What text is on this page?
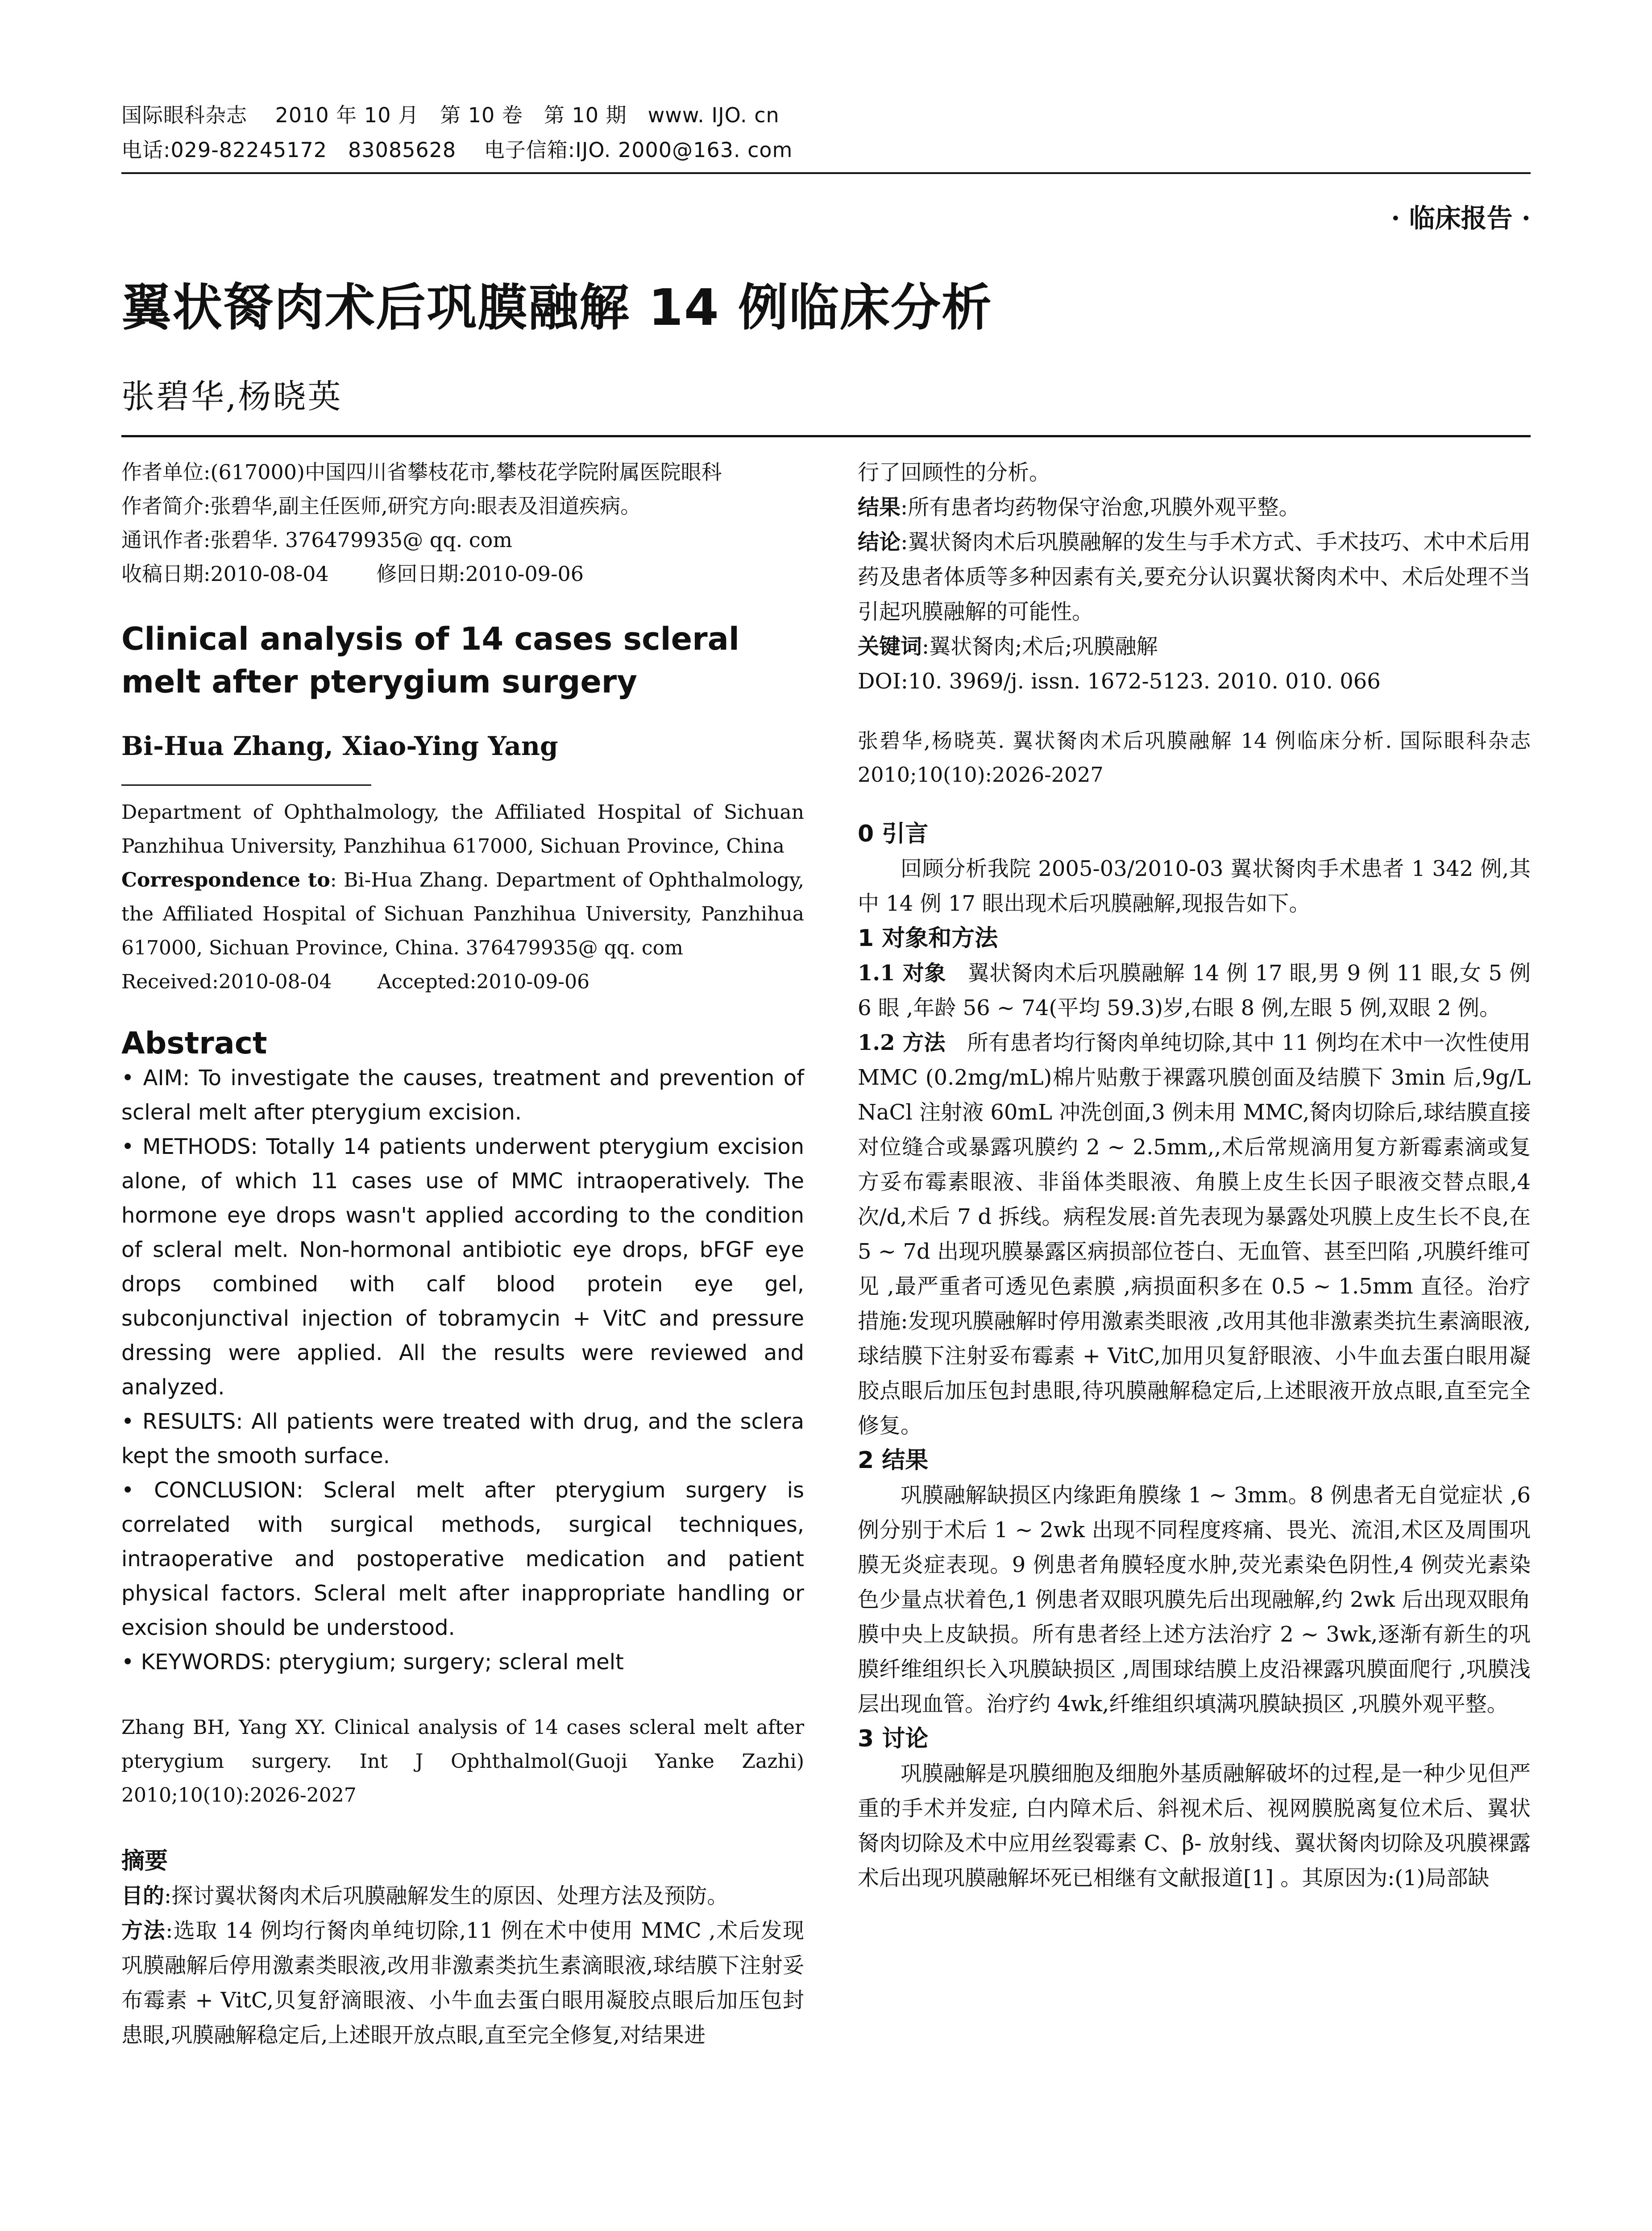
国际眼科杂志　 2010 年 10 月　第 10 卷　第 10 期　www. IJO. cn
电话:029-82245172　83085628　 电子信箱:IJO. 2000@163. com
· 临床报告 ·
翼状胬肉术后巩膜融解 14 例临床分析
张碧华,杨晓英

作者单位:(617000)中国四川省攀枝花市,攀枝花学院附属医院眼科

作者简介:张碧华,副主任医师,研究方向:眼表及泪道疾病。

通讯作者:张碧华. 376479935@ qq. com

收稿日期:2010-08-04　　 修回日期:2010-09-06

Clinical analysis of 14 cases scleral melt after pterygium surgery

Bi-Hua Zhang, Xiao-Ying Yang

Department of Ophthalmology, the Affiliated Hospital of Sichuan Panzhihua University, Panzhihua 617000, Sichuan Province, China

Correspondence to: Bi-Hua Zhang. Department of Ophthalmology, the Affiliated Hospital of Sichuan Panzhihua University, Panzhihua 617000, Sichuan Province, China. 376479935@ qq. com

Received:2010-08-04　　 Accepted:2010-09-06

Abstract

• AIM: To investigate the causes, treatment and prevention of scleral melt after pterygium excision.

• METHODS: Totally 14 patients underwent pterygium excision alone, of which 11 cases use of MMC intraoperatively. The hormone eye drops wasn't applied according to the condition of scleral melt. Non-hormonal antibiotic eye drops, bFGF eye drops combined with calf blood protein eye gel, subconjunctival injection of tobramycin + VitC and pressure dressing were applied. All the results were reviewed and analyzed.

• RESULTS: All patients were treated with drug, and the sclera kept the smooth surface.

• CONCLUSION: Scleral melt after pterygium surgery is correlated with surgical methods, surgical techniques, intraoperative and postoperative medication and patient physical factors. Scleral melt after inappropriate handling or excision should be understood.

• KEYWORDS: pterygium; surgery; scleral melt

Zhang BH, Yang XY. Clinical analysis of 14 cases scleral melt after pterygium surgery. Int J Ophthalmol(Guoji Yanke Zazhi) 2010;10(10):2026-2027

摘要

目的:探讨翼状胬肉术后巩膜融解发生的原因、处理方法及预防。

方法:选取 14 例均行胬肉单纯切除,11 例在术中使用 MMC ,术后发现巩膜融解后停用激素类眼液,改用非激素类抗生素滴眼液,球结膜下注射妥布霉素 + VitC,贝复舒滴眼液、小牛血去蛋白眼用凝胶点眼后加压包封患眼,巩膜融解稳定后,上述眼开放点眼,直至完全修复,对结果进

行了回顾性的分析。

结果:所有患者均药物保守治愈,巩膜外观平整。

结论:翼状胬肉术后巩膜融解的发生与手术方式、手术技巧、术中术后用药及患者体质等多种因素有关,要充分认识翼状胬肉术中、术后处理不当引起巩膜融解的可能性。

关键词:翼状胬肉;术后;巩膜融解

DOI:10. 3969/j. issn. 1672-5123. 2010. 010. 066

张碧华,杨晓英. 翼状胬肉术后巩膜融解 14 例临床分析. 国际眼科杂志 2010;10(10):2026-2027

0 引言

回顾分析我院 2005-03/2010-03 翼状胬肉手术患者 1 342 例,其中 14 例 17 眼出现术后巩膜融解,现报告如下。

1 对象和方法

1.1 对象　翼状胬肉术后巩膜融解 14 例 17 眼,男 9 例 11 眼,女 5 例 6 眼 ,年龄 56 ~ 74(平均 59.3)岁,右眼 8 例,左眼 5 例,双眼 2 例。

1.2 方法　所有患者均行胬肉单纯切除,其中 11 例均在术中一次性使用 MMC (0.2mg/mL)棉片贴敷于裸露巩膜创面及结膜下 3min 后,9g/L NaCl 注射液 60mL 冲洗创面,3 例未用 MMC,胬肉切除后,球结膜直接对位缝合或暴露巩膜约 2 ~ 2.5mm,,术后常规滴用复方新霉素滴或复方妥布霉素眼液、非甾体类眼液、角膜上皮生长因子眼液交替点眼,4 次/d,术后 7 d 拆线。病程发展:首先表现为暴露处巩膜上皮生长不良,在 5 ~ 7d 出现巩膜暴露区病损部位苍白、无血管、甚至凹陷 ,巩膜纤维可见 ,最严重者可透见色素膜 ,病损面积多在 0.5 ~ 1.5mm 直径。治疗措施:发现巩膜融解时停用激素类眼液 ,改用其他非激素类抗生素滴眼液,球结膜下注射妥布霉素 + VitC,加用贝复舒眼液、小牛血去蛋白眼用凝胶点眼后加压包封患眼,待巩膜融解稳定后,上述眼液开放点眼,直至完全修复。

2 结果

巩膜融解缺损区内缘距角膜缘 1 ~ 3mm。8 例患者无自觉症状 ,6 例分别于术后 1 ~ 2wk 出现不同程度疼痛、畏光、流泪,术区及周围巩膜无炎症表现。9 例患者角膜轻度水肿,荧光素染色阴性,4 例荧光素染色少量点状着色,1 例患者双眼巩膜先后出现融解,约 2wk 后出现双眼角膜中央上皮缺损。所有患者经上述方法治疗 2 ~ 3wk,逐渐有新生的巩膜纤维组织长入巩膜缺损区 ,周围球结膜上皮沿裸露巩膜面爬行 ,巩膜浅层出现血管。治疗约 4wk,纤维组织填满巩膜缺损区 ,巩膜外观平整。

3 讨论

巩膜融解是巩膜细胞及细胞外基质融解破坏的过程,是一种少见但严重的手术并发症, 白内障术后、斜视术后、视网膜脱离复位术后、翼状胬肉切除及术中应用丝裂霉素 C、β- 放射线、翼状胬肉切除及巩膜裸露术后出现巩膜融解坏死已相继有文献报道[1] 。其原因为:(1)局部缺
